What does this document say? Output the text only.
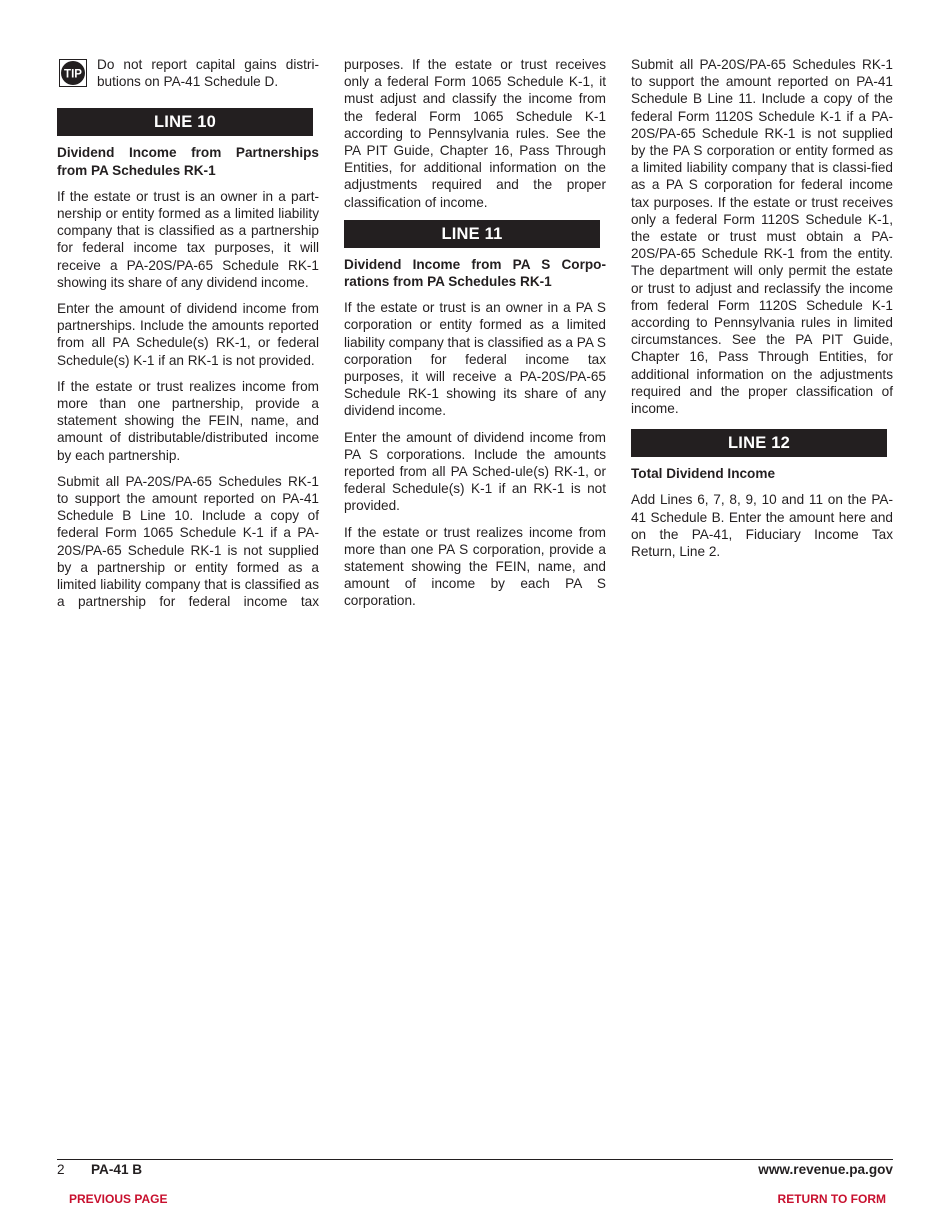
TIP

Do not report capital gains distri-butions on PA-41 Schedule D.

LINE 10

Dividend Income from Partnerships from PA Schedules RK-1

If the estate or trust is an owner in a part-nership or entity formed as a limited liability company that is classified as a partnership for federal income tax purposes, it will receive a PA-20S/PA-65 Schedule RK-1 showing its share of any dividend income.

Enter the amount of dividend income from partnerships. Include the amounts reported from all PA Schedule(s) RK-1, or federal Schedule(s) K-1 if an RK-1 is not provided.

If the estate or trust realizes income from more than one partnership, provide a statement showing the FEIN, name, and amount of distributable/distributed income by each partnership.

Submit all PA-20S/PA-65 Schedules RK-1 to support the amount reported on PA-41 Schedule B Line 10. Include a copy of federal Form 1065 Schedule K-1 if a PA-20S/PA-65 Schedule RK-1 is not supplied by a partnership or entity formed as a limited liability company that is classified as a partnership for federal income tax

purposes. If the estate or trust receives only a federal Form 1065 Schedule K-1, it must adjust and classify the income from the federal Form 1065 Schedule K-1 according to Pennsylvania rules. See the PA PIT Guide, Chapter 16, Pass Through Entities, for additional information on the adjustments required and the proper classification of income.

LINE 11

Dividend Income from PA S Corpo-rations from PA Schedules RK-1

If the estate or trust is an owner in a PA S corporation or entity formed as a limited liability company that is classified as a PA S corporation for federal income tax purposes, it will receive a PA-20S/PA-65 Schedule RK-1 showing its share of any dividend income.

Enter the amount of dividend income from PA S corporations. Include the amounts reported from all PA Sched-ule(s) RK-1, or federal Schedule(s) K-1 if an RK-1 is not provided.

If the estate or trust realizes income from more than one PA S corporation, provide a statement showing the FEIN, name, and amount of income by each PA S corporation.

Submit all PA-20S/PA-65 Schedules RK-1 to support the amount reported on PA-41 Schedule B Line 11. Include a copy of the federal Form 1120S Schedule K-1 if a PA-20S/PA-65 Schedule RK-1 is not supplied by the PA S corporation or entity formed as a limited liability company that is classi-fied as a PA S corporation for federal income tax purposes. If the estate or trust receives only a federal Form 1120S Schedule K-1, the estate or trust must obtain a PA-20S/PA-65 Schedule RK-1 from the entity. The department will only permit the estate or trust to adjust and reclassify the income from federal Form 1120S Schedule K-1 according to Pennsylvania rules in limited circumstances. See the PA PIT Guide, Chapter 16, Pass Through Entities, for additional information on the adjustments required and the proper classification of income.

LINE 12

Total Dividend Income

Add Lines 6, 7, 8, 9, 10 and 11 on the PA-41 Schedule B. Enter the amount here and on the PA-41, Fiduciary Income Tax Return, Line 2.

2 PA-41 B	www.revenue.pa.gov
PREVIOUS PAGE	RETURN TO FORM
